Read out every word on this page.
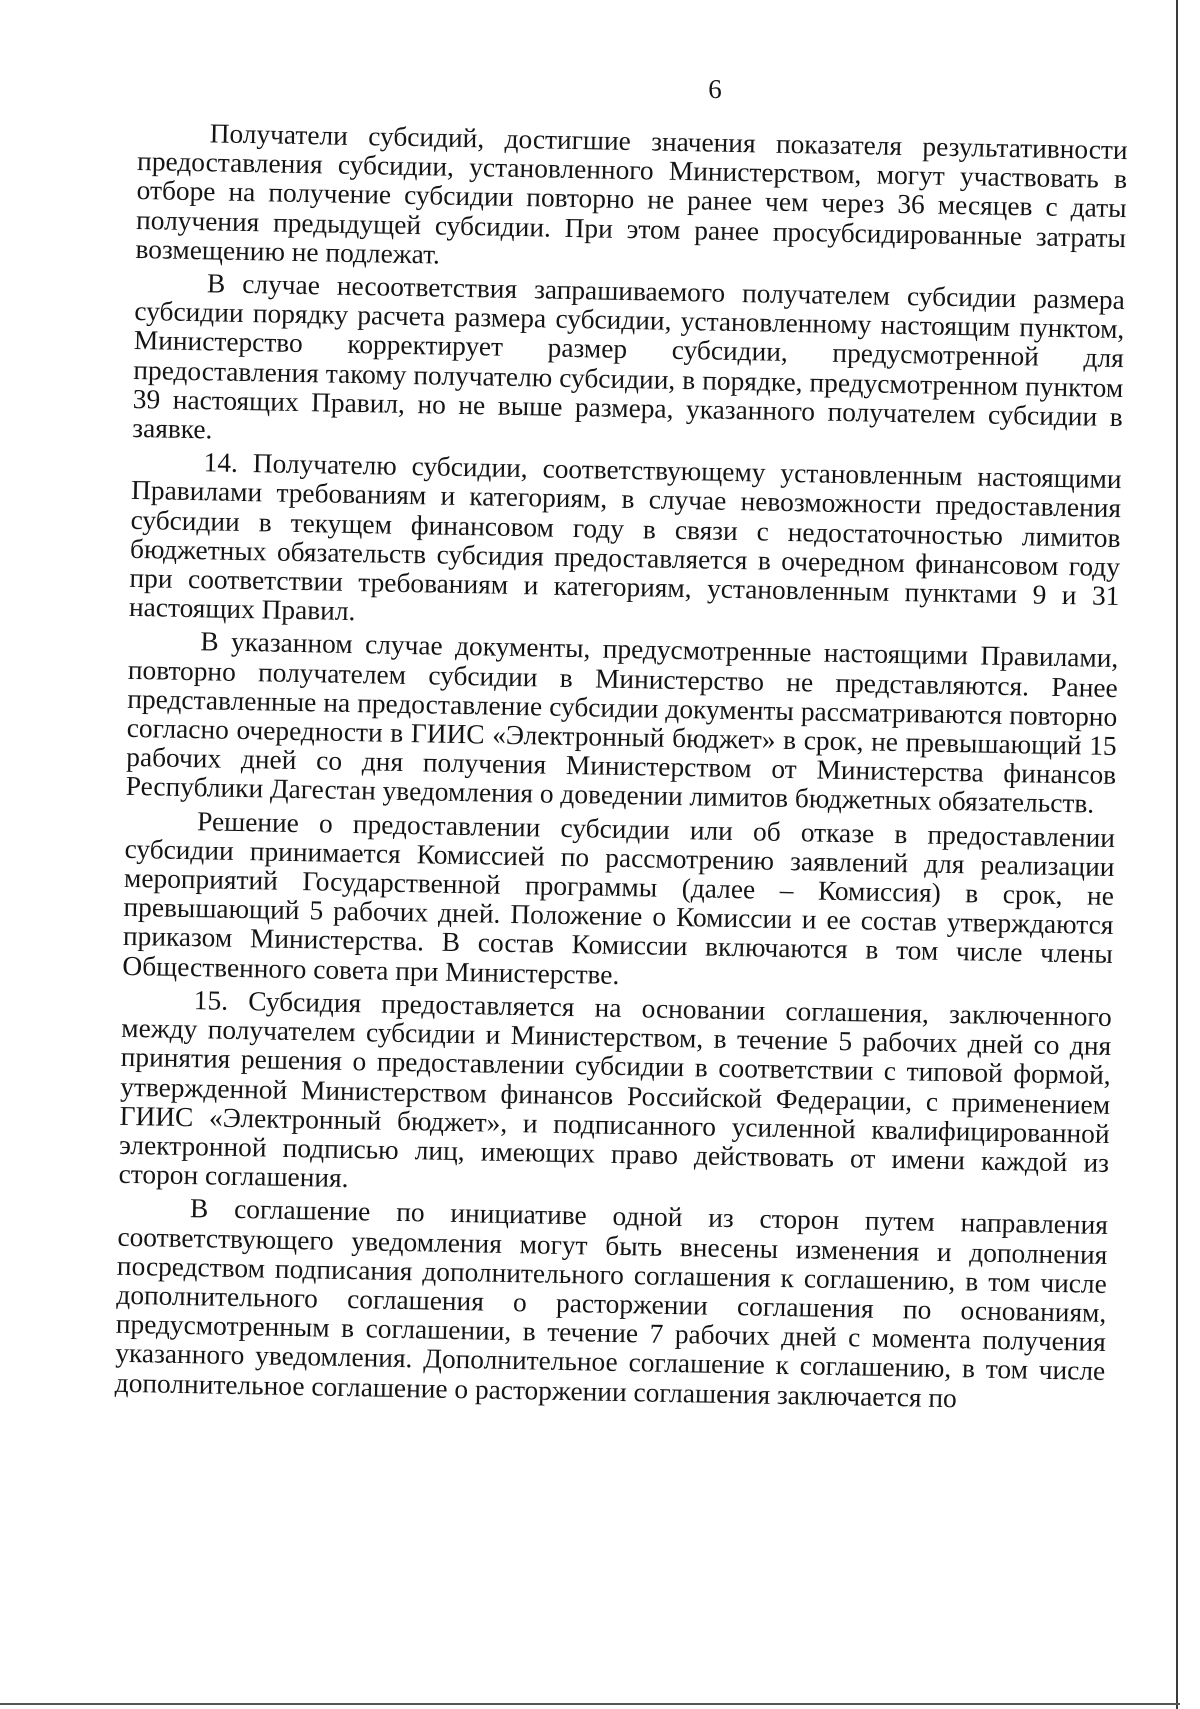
6

Получатели субсидий, достигшие значения показателя результативности предоставления субсидии, установленного Министерством, могут участвовать в отборе на получение субсидии повторно не ранее чем через 36 месяцев с даты получения предыдущей субсидии. При этом ранее просубсидированные затраты возмещению не подлежат.

В случае несоответствия запрашиваемого получателем субсидии размера субсидии порядку расчета размера субсидии, установленному настоящим пунктом, Министерство корректирует размер субсидии, предусмотренной для предоставления такому получателю субсидии, в порядке, предусмотренном пунктом 39 настоящих Правил, но не выше размера, указанного получателем субсидии в заявке.

14. Получателю субсидии, соответствующему установленным настоящими Правилами требованиям и категориям, в случае невозможности предоставления субсидии в текущем финансовом году в связи с недостаточностью лимитов бюджетных обязательств субсидия предоставляется в очередном финансовом году при соответствии требованиям и категориям, установленным пунктами 9 и 31 настоящих Правил.

В указанном случае документы, предусмотренные настоящими Правилами, повторно получателем субсидии в Министерство не представляются. Ранее представленные на предоставление субсидии документы рассматриваются повторно согласно очередности в ГИИС «Электронный бюджет» в срок, не превышающий 15 рабочих дней со дня получения Министерством от Министерства финансов Республики Дагестан уведомления о доведении лимитов бюджетных обязательств.

Решение о предоставлении субсидии или об отказе в предоставлении субсидии принимается Комиссией по рассмотрению заявлений для реализации мероприятий Государственной программы (далее – Комиссия) в срок, не превышающий 5 рабочих дней. Положение о Комиссии и ее состав утверждаются приказом Министерства. В состав Комиссии включаются в том числе члены Общественного совета при Министерстве.

15. Субсидия предоставляется на основании соглашения, заключенного между получателем субсидии и Министерством, в течение 5 рабочих дней со дня принятия решения о предоставлении субсидии в соответствии с типовой формой, утвержденной Министерством финансов Российской Федерации, с применением ГИИС «Электронный бюджет», и подписанного усиленной квалифицированной электронной подписью лиц, имеющих право действовать от имени каждой из сторон соглашения.

В соглашение по инициативе одной из сторон путем направления соответствующего уведомления могут быть внесены изменения и дополнения посредством подписания дополнительного соглашения к соглашению, в том числе дополнительного соглашения о расторжении соглашения по основаниям, предусмотренным в соглашении, в течение 7 рабочих дней с момента получения указанного уведомления. Дополнительное соглашение к соглашению, в том числе дополнительное соглашение о расторжении соглашения заключается по
